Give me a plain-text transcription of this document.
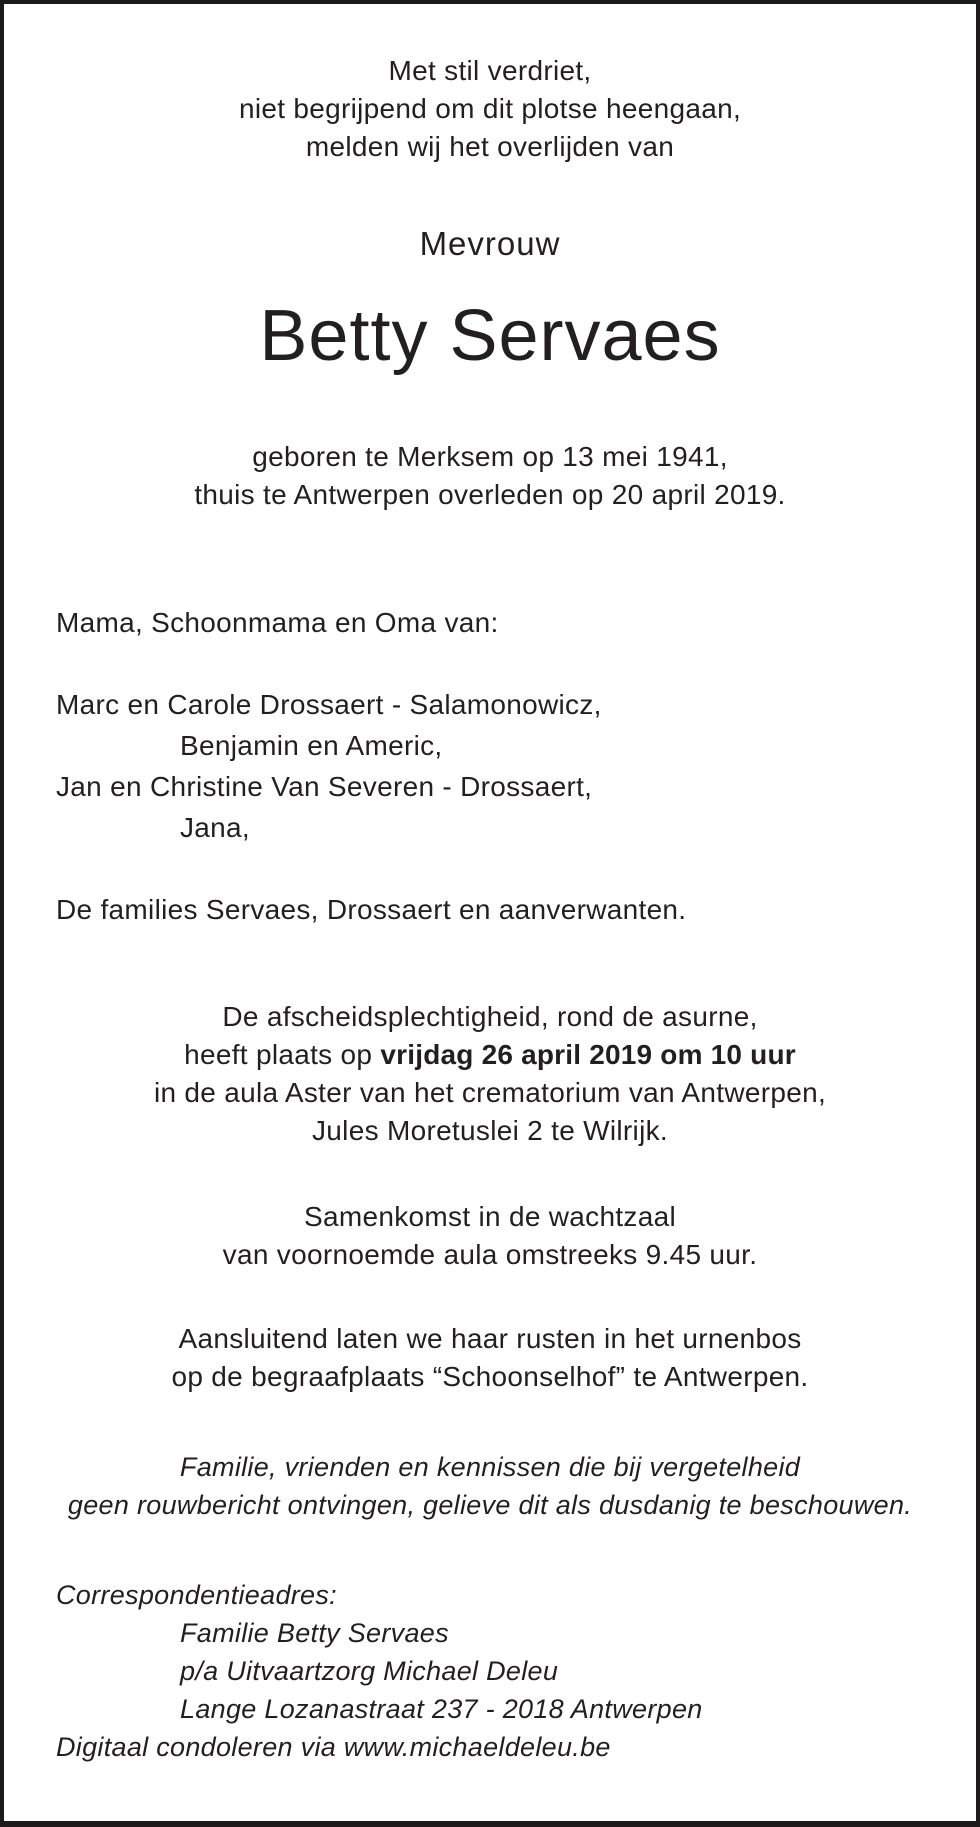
Met stil verdriet,
niet begrijpend om dit plotse heengaan,
melden wij het overlijden van
Mevrouw
Betty Servaes
geboren te Merksem op 13 mei 1941,
thuis te Antwerpen overleden op 20 april 2019.
Mama, Schoonmama en Oma van:
Marc en Carole Drossaert - Salamonowicz,
Benjamin en Americ,
Jan en Christine Van Severen - Drossaert,
Jana,
De families Servaes, Drossaert en aanverwanten.
De afscheidsplechtigheid, rond de asurne,
heeft plaats op vrijdag 26 april 2019 om 10 uur
in de aula Aster van het crematorium van Antwerpen,
Jules Moretuslei 2 te Wilrijk.
Samenkomst in de wachtzaal
van voornoemde aula omstreeks 9.45 uur.
Aansluitend laten we haar rusten in het urnenbos
op de begraafplaats “Schoonselhof” te Antwerpen.
Familie, vrienden en kennissen die bij vergetelheid
geen rouwbericht ontvingen, gelieve dit als dusdanig te beschouwen.
Correspondentieadres:
Familie Betty Servaes
p/a Uitvaartzorg Michael Deleu
Lange Lozanastraat 237 - 2018 Antwerpen
Digitaal condoleren via www.michaeldeleu.be
